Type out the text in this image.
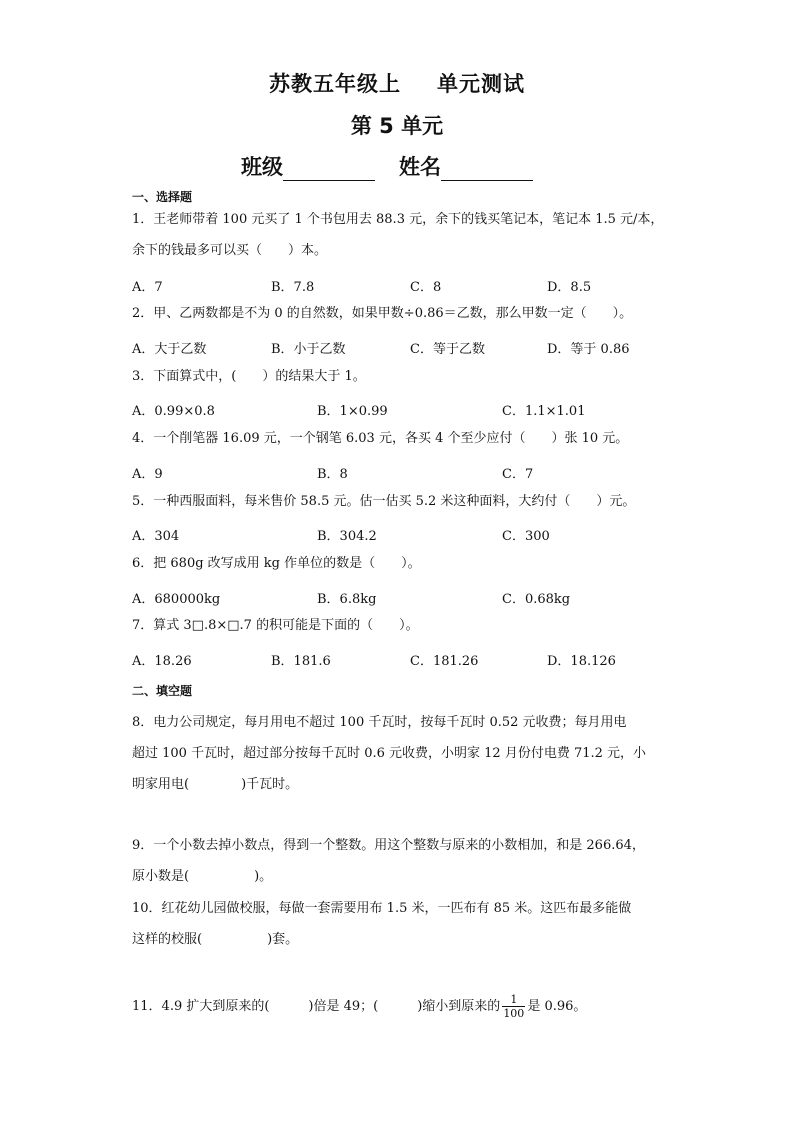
苏教五年级上 单元测试
第 5 单元
班级	姓名
一、选择题
1．王老师带着 100 元买了 1 个书包用去 88.3 元，余下的钱买笔记本，笔记本 1.5 元/本，
余下的钱最多可以买（　　）本。
A．7	B．7.8	C．8	D．8.5
2．甲、乙两数都是不为 0 的自然数，如果甲数÷0.86＝乙数，那么甲数一定（　　）。
A．大于乙数	B．小于乙数	C．等于乙数	D．等于 0.86
3．下面算式中，(　　）的结果大于 1。
A．0.99×0.8	B．1×0.99	C．1.1×1.01
4．一个削笔器 16.09 元，一个钢笔 6.03 元，各买 4 个至少应付（　　）张 10 元。
A．9	B．8	C．7
5．一种西服面料，每米售价 58.5 元。估一估买 5.2 米这种面料，大约付（　　）元。
A．304	B．304.2	C．300
6．把 680g 改写成用 kg 作单位的数是（　　）。
A．680000kg	B．6.8kg	C．0.68kg
7．算式 3□.8×□.7 的积可能是下面的（　　）。
A．18.26	B．181.6	C．181.26	D．18.126
二、填空题
8．电力公司规定，每月用电不超过 100 千瓦时，按每千瓦时 0.52 元收费；每月用电
超过 100 千瓦时，超过部分按每千瓦时 0.6 元收费，小明家 12 月份付电费 71.2 元，小
明家用电(　　　　)千瓦时。
9．一个小数去掉小数点，得到一个整数。用这个整数与原来的小数相加，和是 266.64，
原小数是(　　　　　)。
10．红花幼儿园做校服，每做一套需要用布 1.5 米，一匹布有 85 米。这匹布最多能做
这样的校服(　　　　　)套。
11．4.9 扩大到原来的(　　　)倍是 49；(　　　)缩小到原来的 $\frac{1}{100}$ 是 0.96。
